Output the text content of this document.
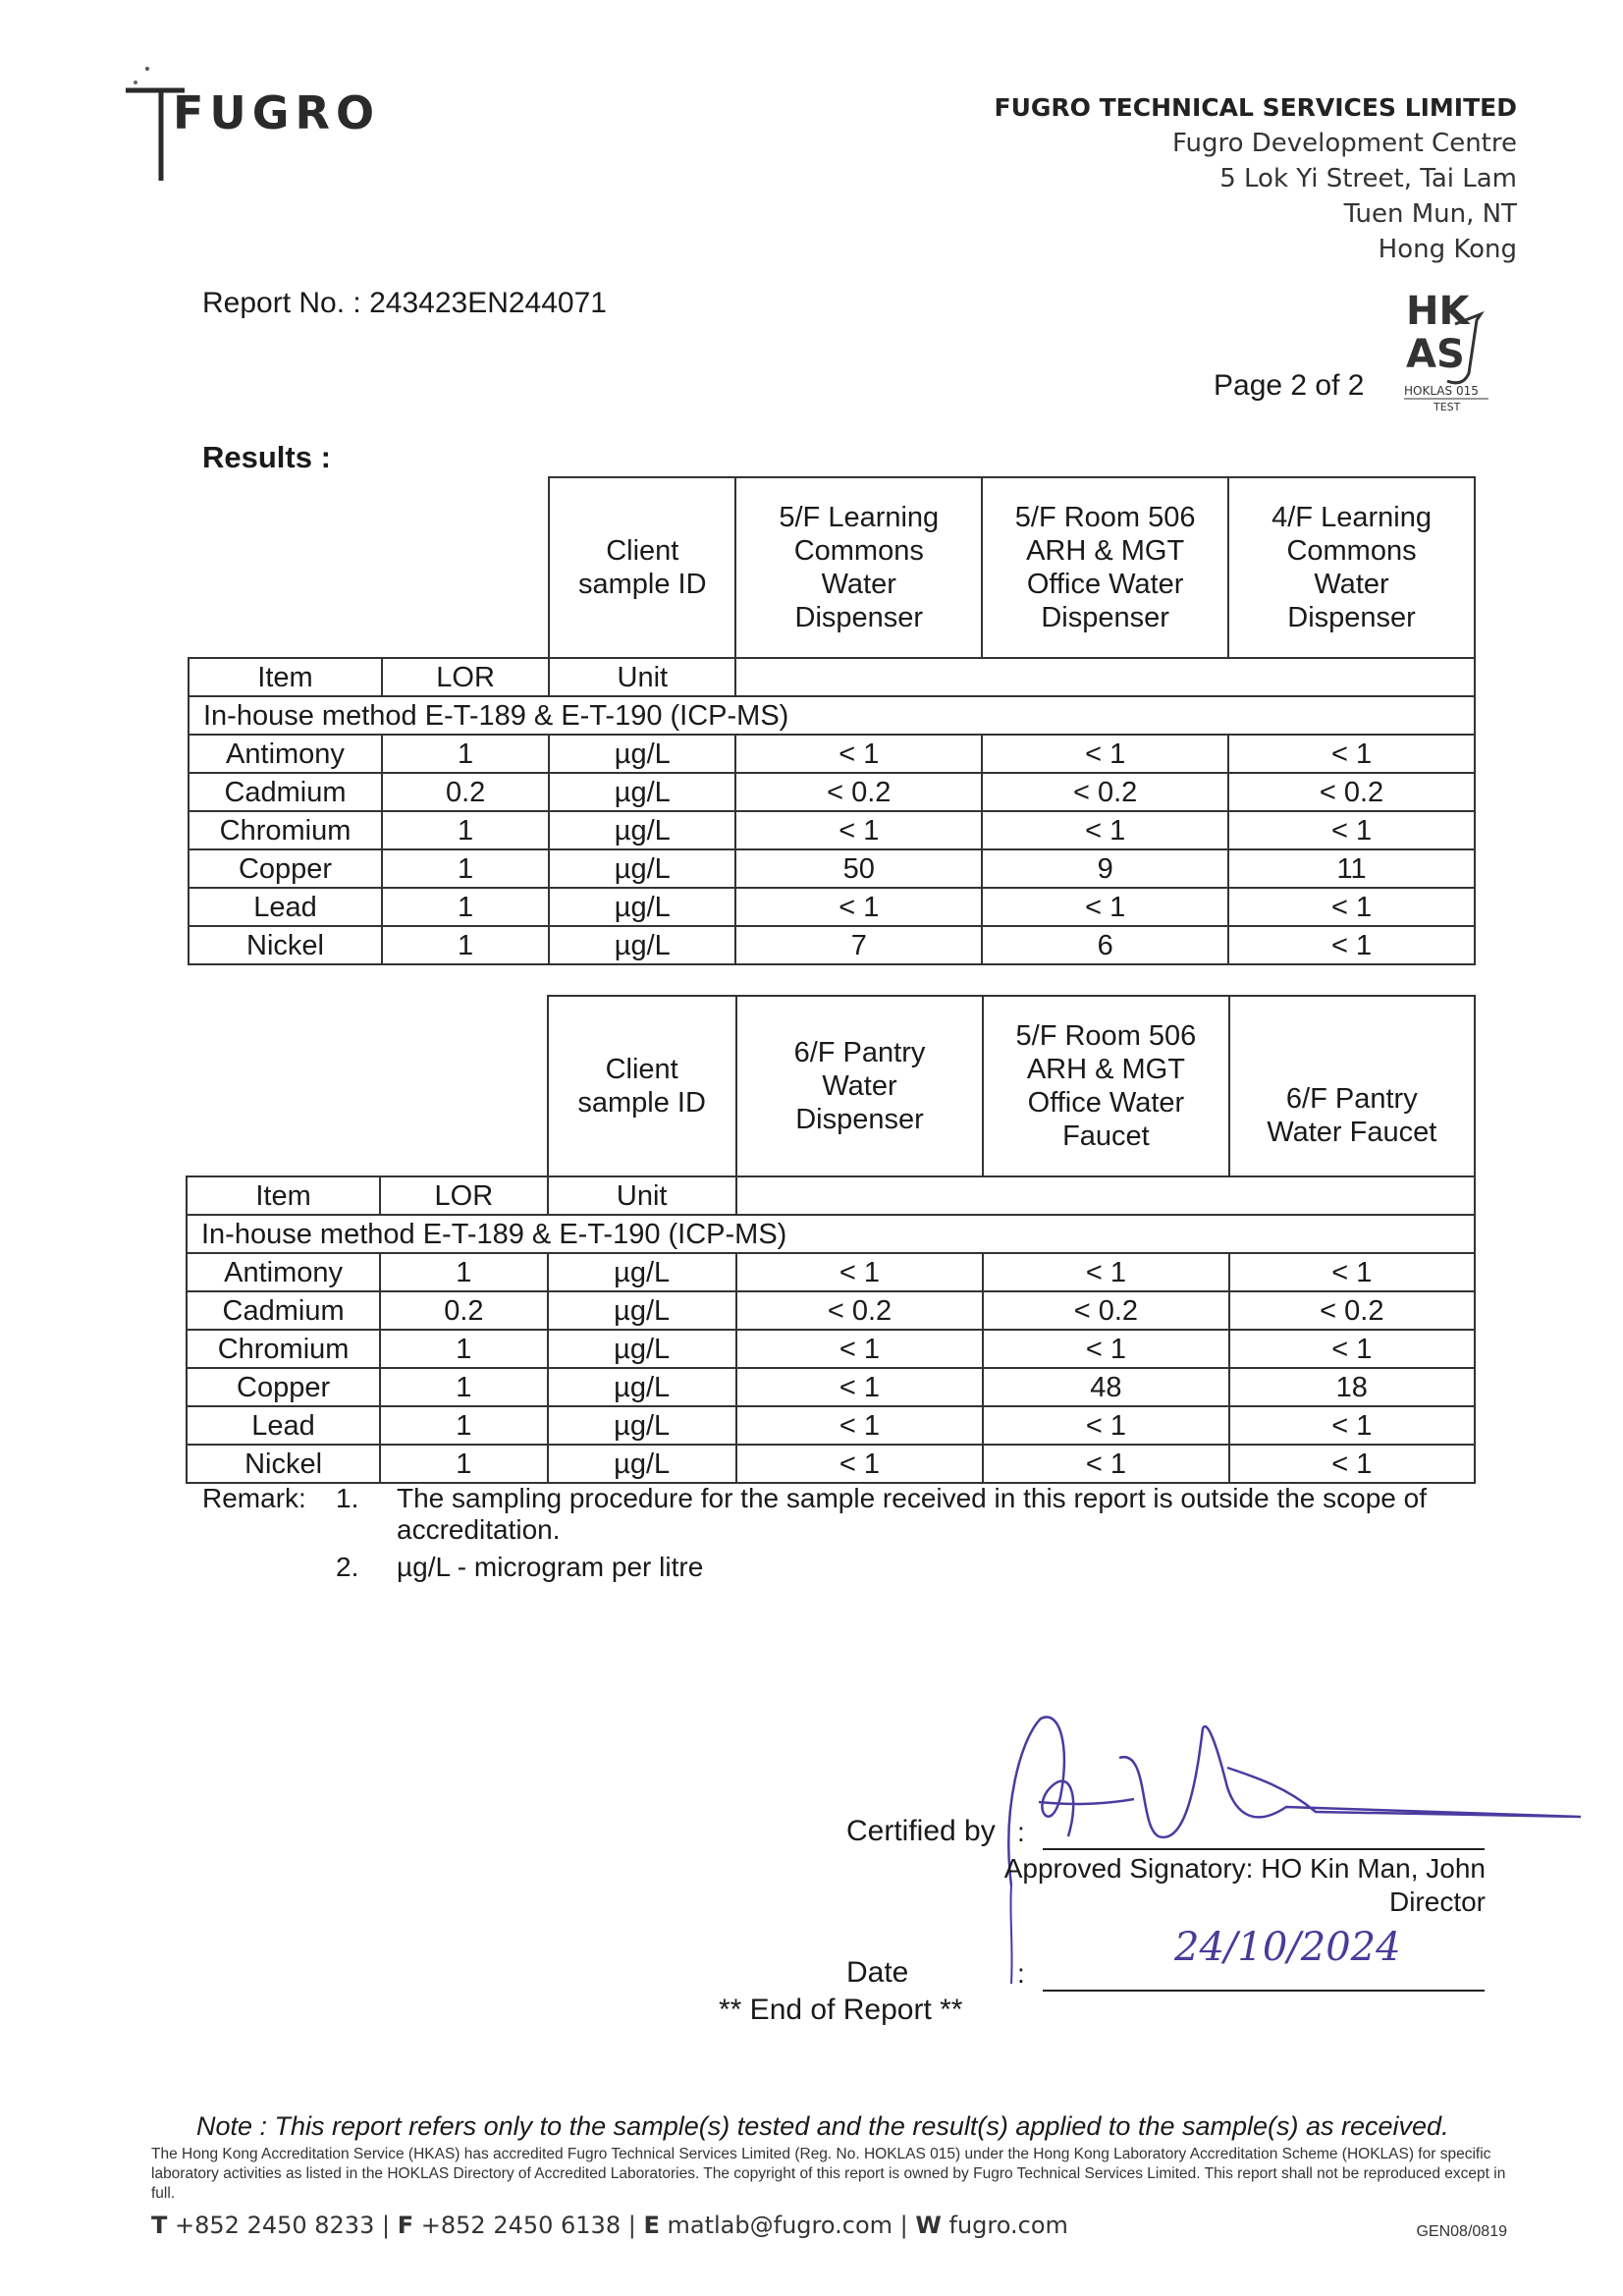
FUGRO	FUGRO TECHNICAL SERVICES LIMITED
Fugro Development Centre
5 Lok Yi Street, Tai Lam
Tuen Mun, NT
Hong Kong
Report No. : 243423EN244071
Page 2 of 2
HK
AS
HOKLAS 015
TEST
Results :
		Client sample ID	5/F Learning Commons Water Dispenser	5/F Room 506 ARH & MGT Office Water Dispenser	4/F Learning Commons Water Dispenser
Item	LOR	Unit			
In-house method E-T-189 & E-T-190 (ICP-MS)					
Antimony	1	µg/L	< 1	< 1	< 1
Cadmium	0.2	µg/L	< 0.2	< 0.2	< 0.2
Chromium	1	µg/L	< 1	< 1	< 1
Copper	1	µg/L	50	9	11
Lead	1	µg/L	< 1	< 1	< 1
Nickel	1	µg/L	7	6	< 1
		Client sample ID	6/F Pantry Water Dispenser	5/F Room 506 ARH & MGT Office Water Faucet	6/F Pantry Water Faucet
Item	LOR	Unit			
In-house method E-T-189 & E-T-190 (ICP-MS)					
Antimony	1	µg/L	< 1	< 1	< 1
Cadmium	0.2	µg/L	< 0.2	< 0.2	< 0.2
Chromium	1	µg/L	< 1	< 1	< 1
Copper	1	µg/L	< 1	48	18
Lead	1	µg/L	< 1	< 1	< 1
Nickel	1	µg/L	< 1	< 1	< 1
Remark: 1. The sampling procedure for the sample received in this report is outside the scope of accreditation.
2. µg/L - microgram per litre
Certified by :
Approved Signatory: HO Kin Man, John
Director
24/10/2024
Date	:
** End of Report **
Note : This report refers only to the sample(s) tested and the result(s) applied to the sample(s) as received.
The Hong Kong Accreditation Service (HKAS) has accredited Fugro Technical Services Limited (Reg. No. HOKLAS 015) under the Hong Kong Laboratory Accreditation Scheme (HOKLAS) for specific laboratory activities as listed in the HOKLAS Directory of Accredited Laboratories. The copyright of this report is owned by Fugro Technical Services Limited. This report shall not be reproduced except in full.
T +852 2450 8233 | F +852 2450 6138 | E matlab@fugro.com | W fugro.com	GEN08/0819
